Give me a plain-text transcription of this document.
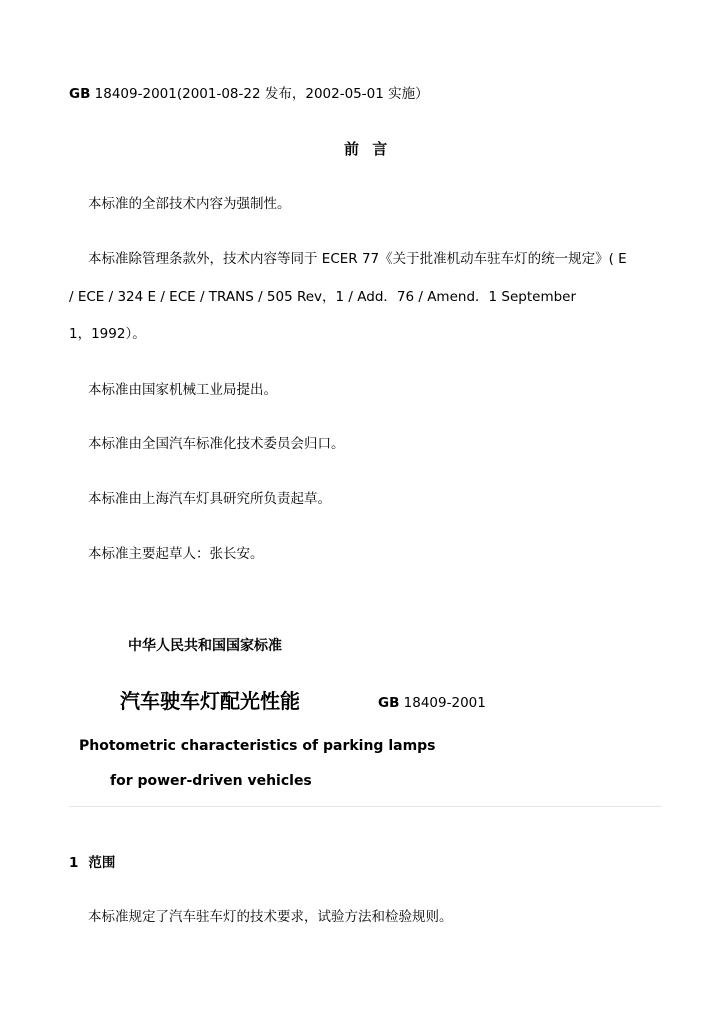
GB 18409-2001(2001-08-22 发布，2002-05-01 实施）
前 言
本标准的全部技术内容为强制性。
本标准除管理条款外，技术内容等同于 ECER 77《关于批准机动车驻车灯的统一规定》( E
/ ECE / 324 E / ECE / TRANS / 505 Rev，1 / Add．76 / Amend．1 September
1，1992）。
本标准由国家机械工业局提出。
本标准由全国汽车标准化技术委员会归口。
本标准由上海汽车灯具研究所负责起草。
本标准主要起草人：张长安。
中华人民共和国国家标准
汽车驶车灯配光性能	GB 18409-2001
Photometric characteristics of parking lamps
for power-driven vehicles
1 范围
本标准规定了汽车驻车灯的技术要求，试验方法和检验规则。
